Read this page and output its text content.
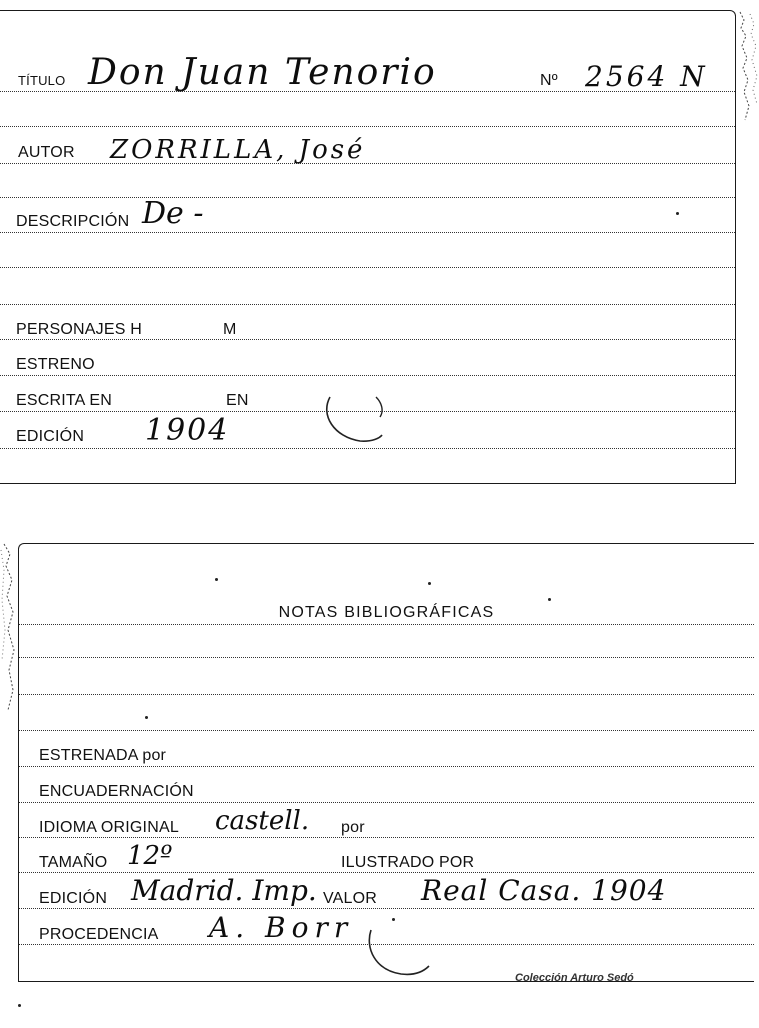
TÍTULO Don Juan Tenorio	Nº 2564 N
AUTOR ZORRILLA, José
DESCRIPCIÓN De -
PERSONAJES H	M
ESTRENO
ESCRITA EN	EN
EDICIÓN 1904
NOTAS BIBLIOGRÁFICAS
ESTRENADA por
ENCUADERNACIÓN
IDIOMA ORIGINAL castell. por
TAMAÑO 12º	ILUSTRADO POR
EDICIÓN Madrid. Imp. VALOR Real Casa. 1904
PROCEDENCIA A. Borr
Colección Arturo Sedó
